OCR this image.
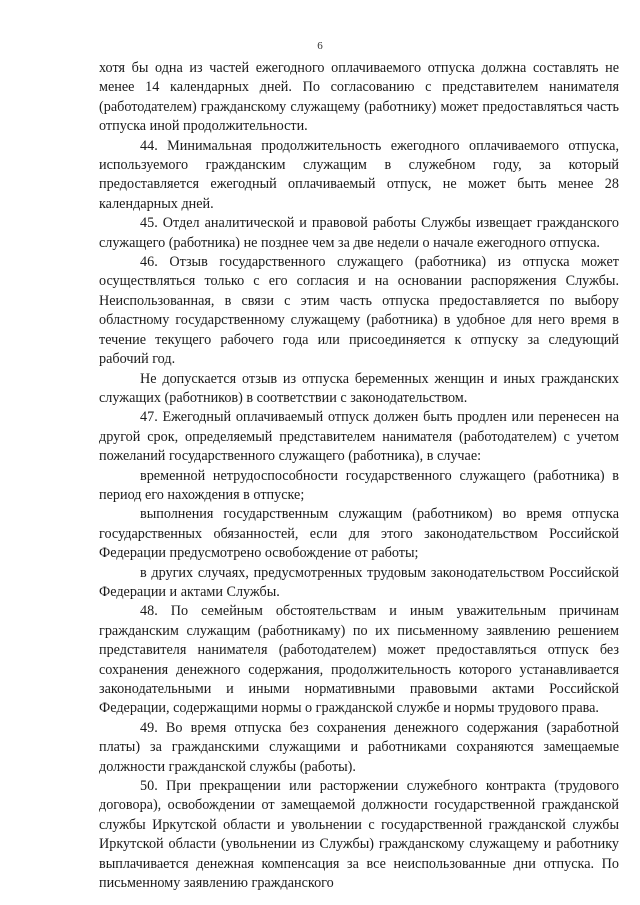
6

хотя бы одна из частей ежегодного оплачиваемого отпуска должна составлять не менее 14 календарных дней. По согласованию с представителем нанимателя (работодателем) гражданскому служащему (работнику) может предоставляться часть отпуска иной продолжительности.

44. Минимальная продолжительность ежегодного оплачиваемого отпуска, используемого гражданским служащим в служебном году, за который предоставляется ежегодный оплачиваемый отпуск, не может быть менее 28 календарных дней.

45. Отдел аналитической и правовой работы Службы извещает гражданского служащего (работника) не позднее чем за две недели о начале ежегодного отпуска.

46. Отзыв государственного служащего (работника) из отпуска может осуществляться только с его согласия и на основании распоряжения Службы. Неиспользованная, в связи с этим часть отпуска предоставляется по выбору областному государственному служащему (работника) в удобное для него время в течение текущего рабочего года или присоединяется к отпуску за следующий рабочий год.

Не допускается отзыв из отпуска беременных женщин и иных гражданских служащих (работников) в соответствии с законодательством.

47. Ежегодный оплачиваемый отпуск должен быть продлен или перенесен на другой срок, определяемый представителем нанимателя (работодателем) с учетом пожеланий государственного служащего (работника), в случае:

временной нетрудоспособности государственного служащего (работника) в период его нахождения в отпуске;

выполнения государственным служащим (работником) во время отпуска государственных обязанностей, если для этого законодательством Российской Федерации предусмотрено освобождение от работы;

в других случаях, предусмотренных трудовым законодательством Российской Федерации и актами Службы.

48. По семейным обстоятельствам и иным уважительным причинам гражданским служащим (работникаму) по их письменному заявлению решением представителя нанимателя (работодателем) может предоставляться отпуск без сохранения денежного содержания, продолжительность которого устанавливается законодательными и иными нормативными правовыми актами Российской Федерации, содержащими нормы о гражданской службе и нормы трудового права.

49. Во время отпуска без сохранения денежного содержания (заработной платы) за гражданскими служащими и работниками сохраняются замещаемые должности гражданской службы (работы).

50. При прекращении или расторжении служебного контракта (трудового договора), освобождении от замещаемой должности государственной гражданской службы Иркутской области и увольнении с государственной гражданской службы Иркутской области (увольнении из Службы) гражданскому служащему и работнику выплачивается денежная компенсация за все неиспользованные дни отпуска. По письменному заявлению гражданского
